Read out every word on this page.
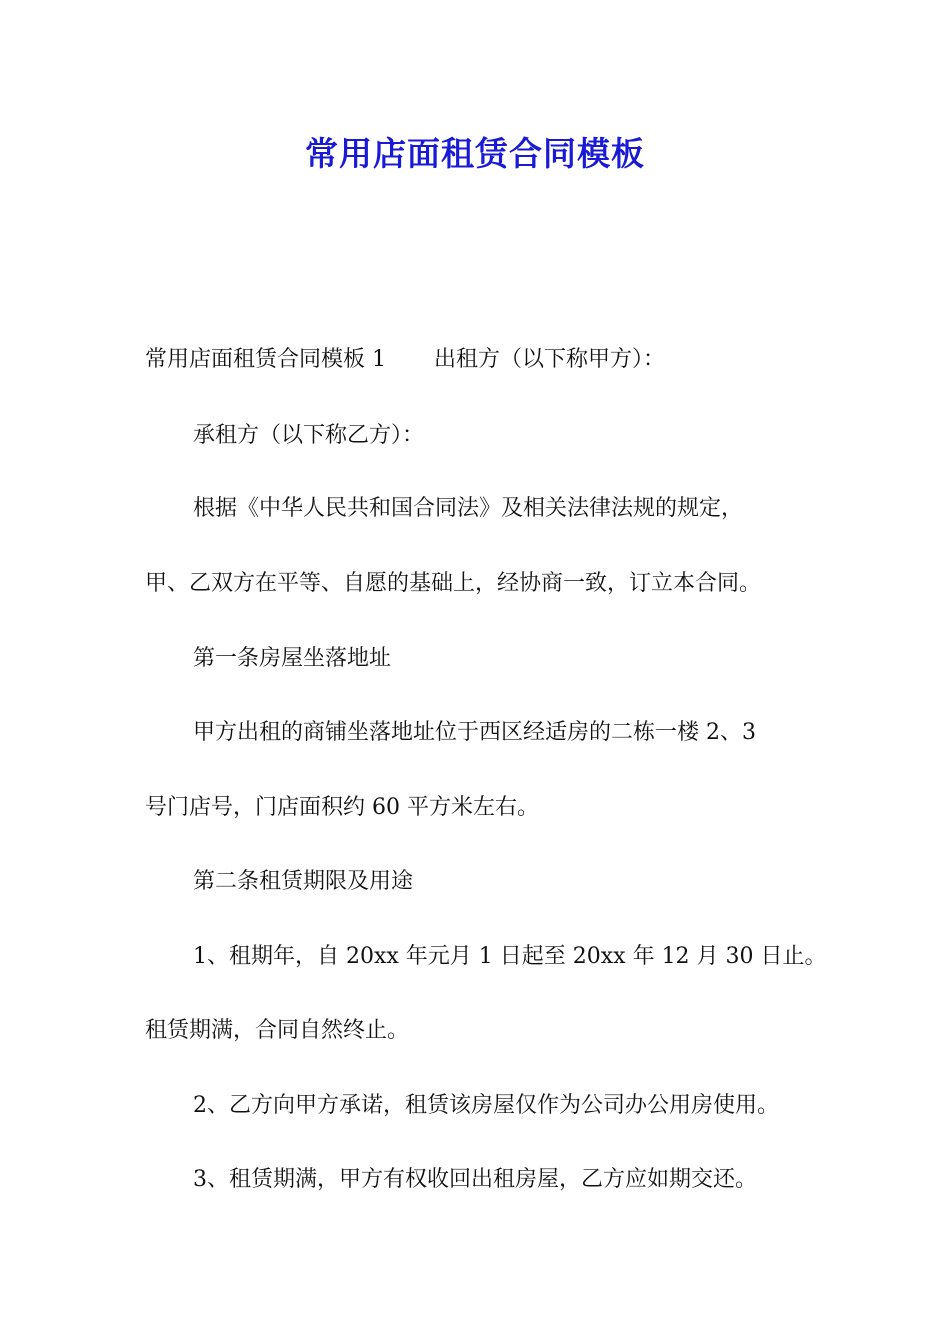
常用店面租赁合同模板

常用店面租赁合同模板 1 出租方（以下称甲方）：

承租方（以下称乙方）：

根据《中华人民共和国合同法》及相关法律法规的规定，

甲、乙双方在平等、自愿的基础上，经协商一致，订立本合同。

第一条房屋坐落地址

甲方出租的商铺坐落地址位于西区经适房的二栋一楼 2、3

号门店号，门店面积约 60 平方米左右。

第二条租赁期限及用途

1、租期年，自 20xx 年元月 1 日起至 20xx 年 12 月 30 日止。

租赁期满，合同自然终止。

2、乙方向甲方承诺，租赁该房屋仅作为公司办公用房使用。

3、租赁期满，甲方有权收回出租房屋，乙方应如期交还。
